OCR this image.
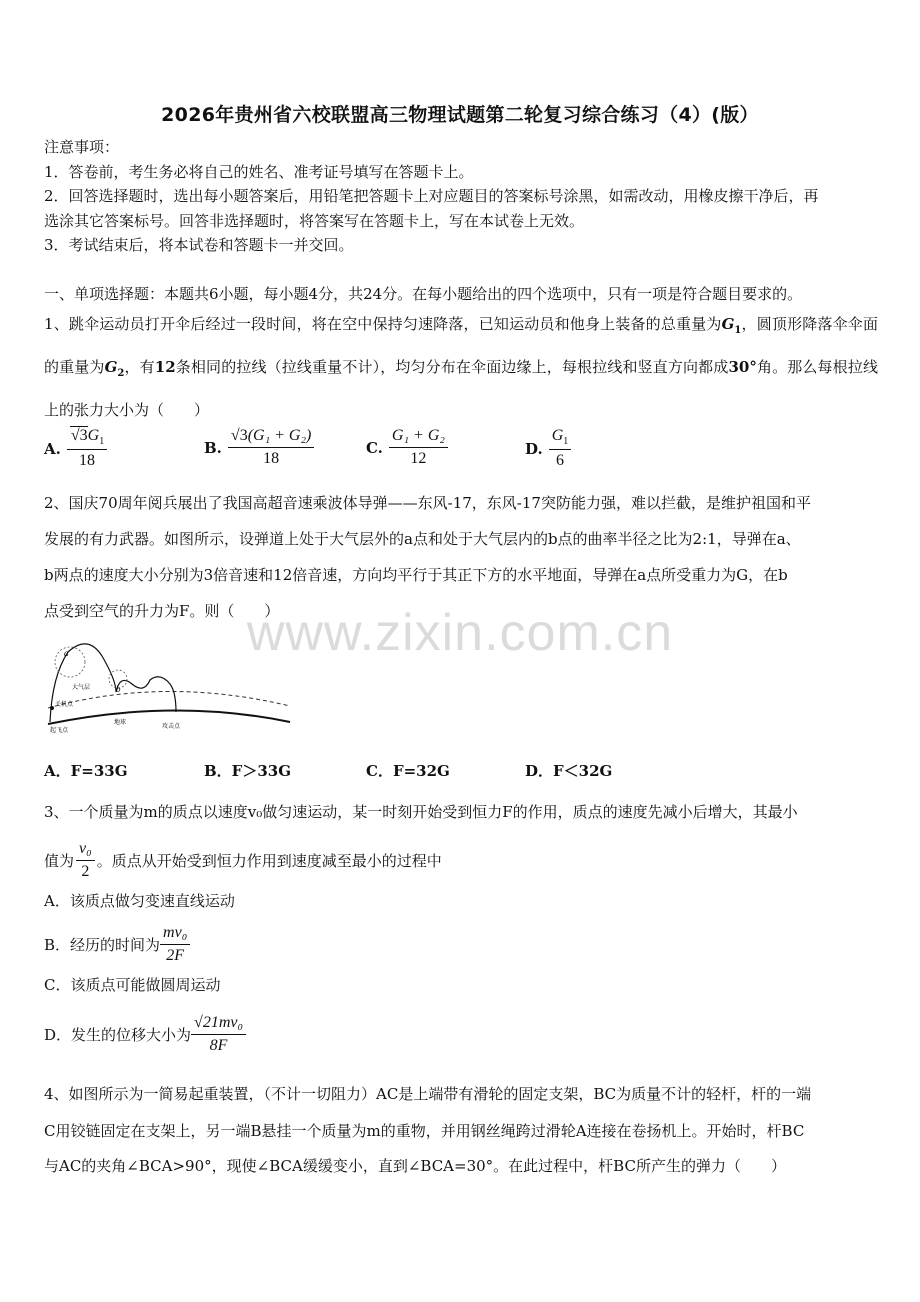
2026年贵州省六校联盟高三物理试题第二轮复习综合练习（4）(版）
注意事项：
1．答卷前，考生务必将自己的姓名、准考证号填写在答题卡上。
2．回答选择题时，选出每小题答案后，用铅笔把答题卡上对应题目的答案标号涂黑，如需改动，用橡皮擦干净后，再
选涂其它答案标号。回答非选择题时，将答案写在答题卡上，写在本试卷上无效。
3．考试结束后，将本试卷和答题卡一并交回。
一、单项选择题：本题共6小题，每小题4分，共24分。在每小题给出的四个选项中，只有一项是符合题目要求的。
1、跳伞运动员打开伞后经过一段时间，将在空中保持匀速降落，已知运动员和他身上装备的总重量为$G_1$，圆顶形降落伞伞面的重量为$G_2$，有12条相同的拉线（拉线重量不计），均匀分布在伞面边缘上，每根拉线和竖直方向都成30°角。那么每根拉线上的张力大小为（　　）
A. $\frac{√3G_1}{18}$	B. $\frac{\text{√3(G₁ + G₂)}}{18}$	C. $\frac{\text{G₁ + G₂}}{12}$	D. $\frac{G_1}{6}$
2、国庆70周年阅兵展出了我国高超音速乘波体导弹——东风-17，东风-17突防能力强，难以拦截，是维护祖国和平
发展的有力武器。如图所示，设弹道上处于大气层外的a点和处于大气层内的b点的曲率半径之比为2:1，导弹在a、
b两点的速度大小分别为3倍音速和12倍音速，方向均平行于其正下方的水平地面，导弹在a点所受重力为G，在b
点受到空气的升力为F。则（　　）
www.zixin.com.cn
a
b
大气层
关机点
起飞点
地球
攻击点
A．F=33G	B．F＞33G	C．F=32G	D．F＜32G
3、一个质量为m的质点以速度v₀做匀速运动，某一时刻开始受到恒力F的作用，质点的速度先减小后增大，其最小
值为 $\frac{\text{v₀}}{2}$ 。质点从开始受到恒力作用到速度减至最小的过程中
A．该质点做匀变速直线运动
B．经历的时间为 $\frac{\text{mv₀}}{2F}$
C．该质点可能做圆周运动
D．发生的位移大小为 $\frac{\text{√21mv₀}}{8F}$
4、如图所示为一简易起重装置，（不计一切阻力）AC是上端带有滑轮的固定支架，BC为质量不计的轻杆，杆的一端
C用铰链固定在支架上，另一端B悬挂一个质量为m的重物，并用钢丝绳跨过滑轮A连接在卷扬机上。开始时，杆BC
与AC的夹角∠BCA>90°，现使∠BCA缓缓变小，直到∠BCA=30°。在此过程中，杆BC所产生的弹力（　　）
